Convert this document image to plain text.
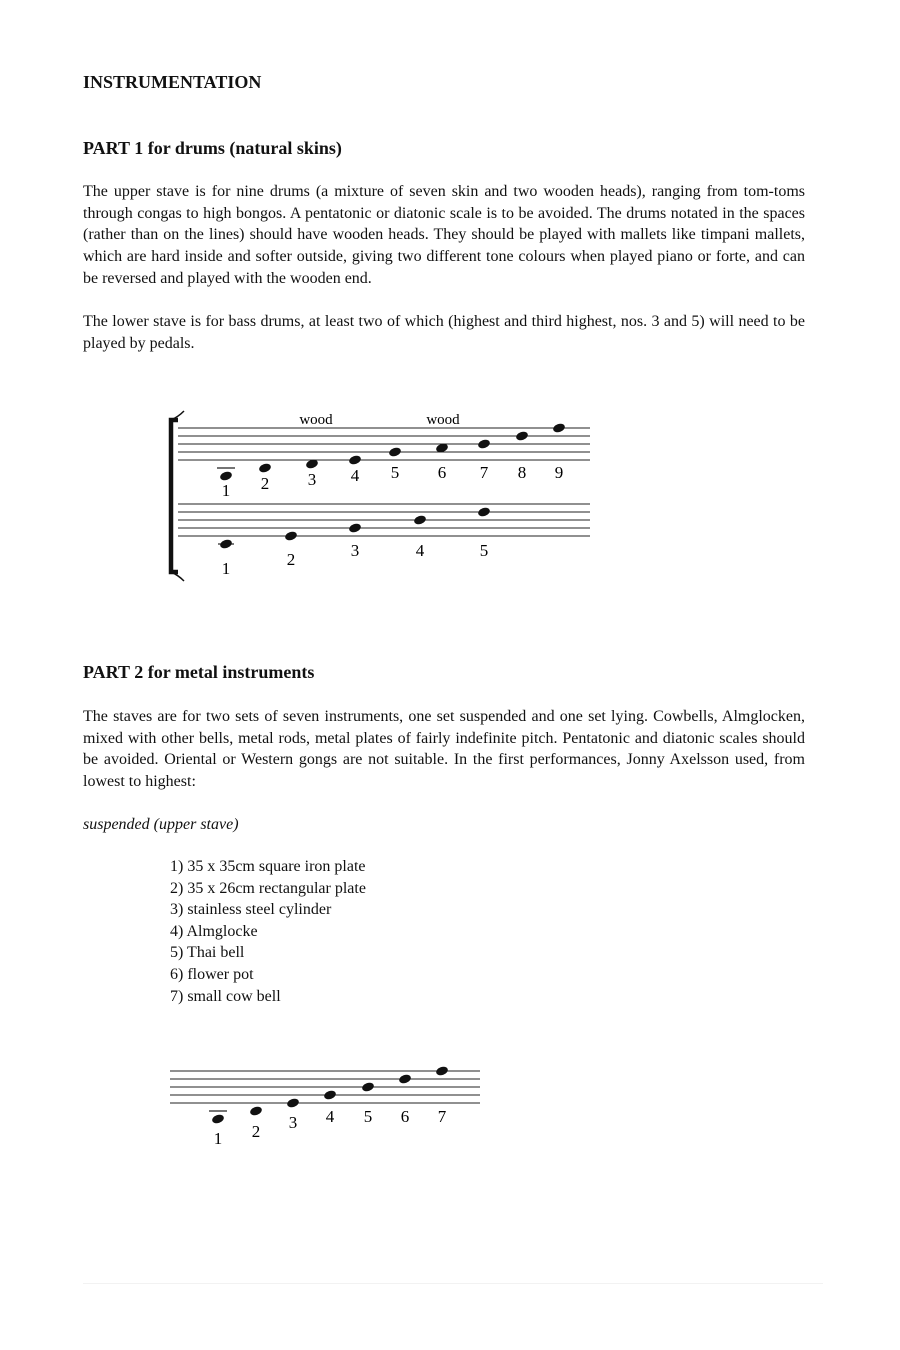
INSTRUMENTATION
PART 1 for drums (natural skins)

The upper stave is for nine drums (a mixture of seven skin and two wooden heads), ranging from tom-toms through congas to high bongos. A pentatonic or diatonic scale is to be avoided. The drums notated in the spaces (rather than on the lines) should have wooden heads. They should be played with mallets like timpani mallets, which are hard inside and softer outside, giving two different tone colours when played piano or forte, and can be reversed and played with the wooden end.

The lower stave is for bass drums, at least two of which (highest and third highest, nos. 3 and 5) will need to be played by pedals.

wood	wood
1 2 3 4 5 6 7 8 9
1	2	3	4	5
PART 2 for metal instruments

The staves are for two sets of seven instruments, one set suspended and one set lying. Cowbells, Almglocken, mixed with other bells, metal rods, metal plates of fairly indefinite pitch. Pentatonic and diatonic scales should be avoided. Oriental or Western gongs are not suitable. In the first performances, Jonny Axelsson used, from lowest to highest:

suspended (upper stave)

1) 35 x 35cm square iron plate
2) 35 x 26cm rectangular plate
3) stainless steel cylinder
4) Almglocke
5) Thai bell
6) flower pot
7) small cow bell
1 2 3 4 5 6 7
